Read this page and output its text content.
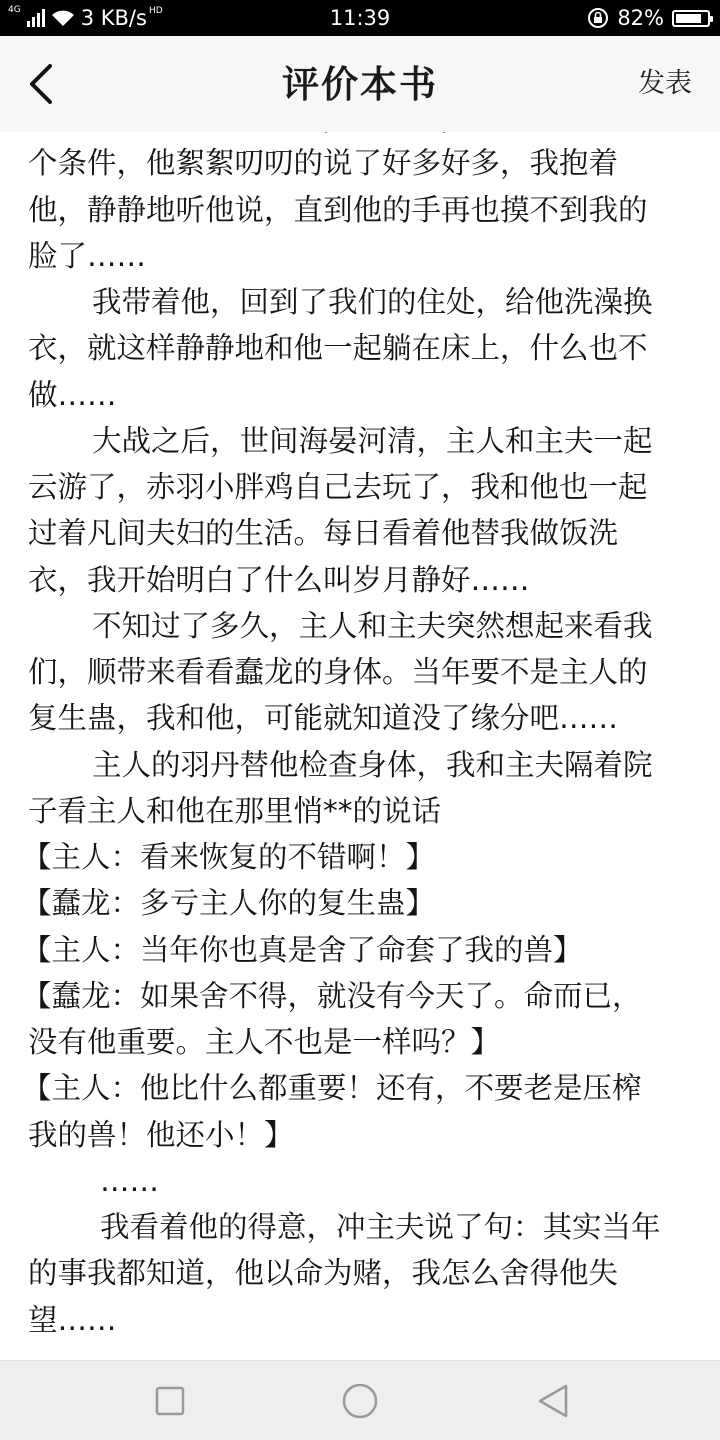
4G	3 KB/s HD	11:39	82%
评价本书	发表
个条件，他絮絮叨叨的说了好多好多，我抱着
他，静静地听他说，直到他的手再也摸不到我的
脸了……
我带着他，回到了我们的住处，给他洗澡换
衣，就这样静静地和他一起躺在床上，什么也不
做……
大战之后，世间海晏河清，主人和主夫一起
云游了，赤羽小胖鸡自己去玩了，我和他也一起
过着凡间夫妇的生活。每日看着他替我做饭洗
衣，我开始明白了什么叫岁月静好……
不知过了多久，主人和主夫突然想起来看我
们，顺带来看看蠢龙的身体。当年要不是主人的
复生蛊，我和他，可能就知道没了缘分吧……
主人的羽丹替他检查身体，我和主夫隔着院
子看主人和他在那里悄**的说话
【主人：看来恢复的不错啊！】
【蠢龙：多亏主人你的复生蛊】
【主人：当年你也真是舍了命套了我的兽】
【蠢龙：如果舍不得，就没有今天了。命而已，
没有他重要。主人不也是一样吗？】
【主人：他比什么都重要！还有，不要老是压榨
我的兽！他还小！】
……
我看着他的得意，冲主夫说了句：其实当年
的事我都知道，他以命为赌，我怎么舍得他失
望……
